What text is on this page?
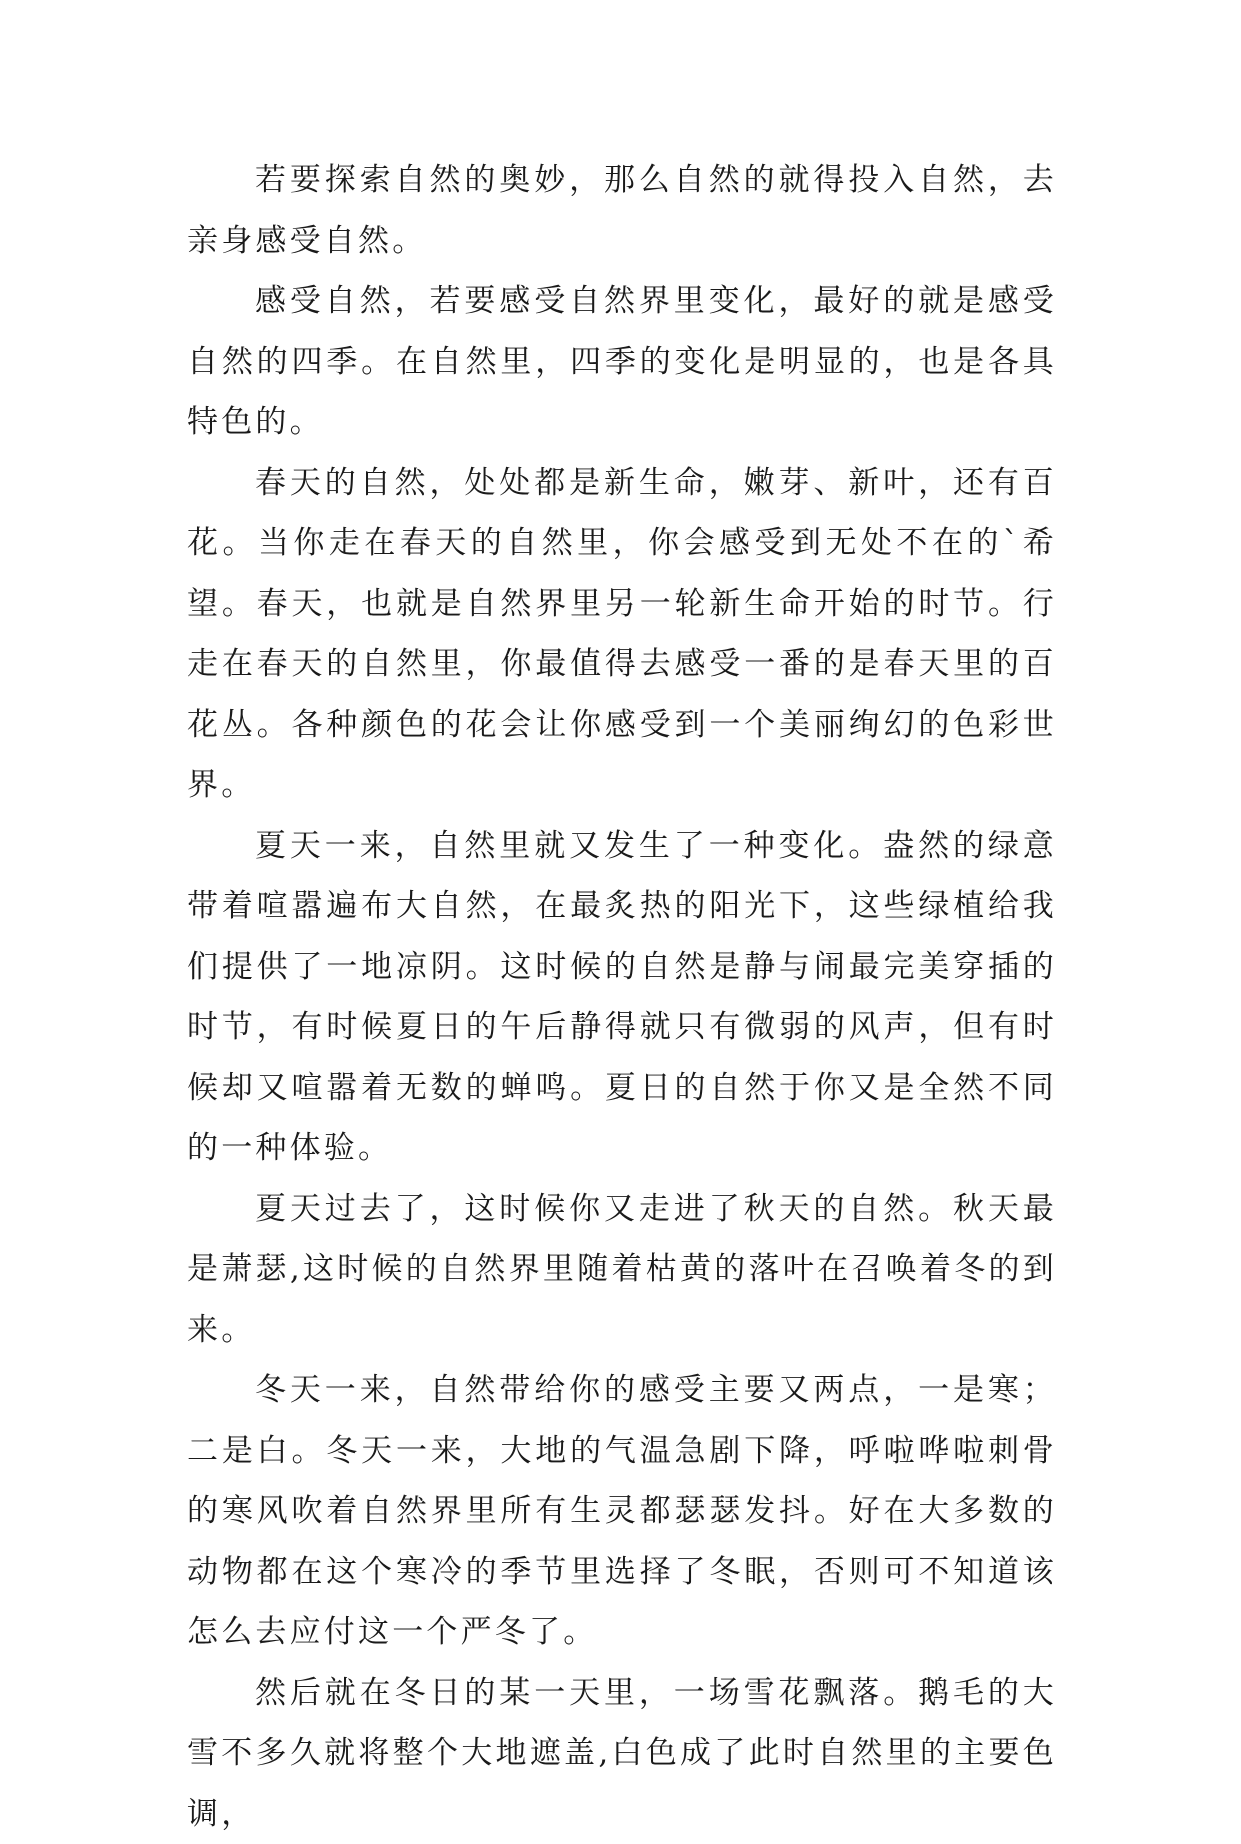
若要探索自然的奥妙，那么自然的就得投入自然，去亲身感受自然。

感受自然，若要感受自然界里变化，最好的就是感受自然的四季。在自然里，四季的变化是明显的，也是各具特色的。

春天的自然，处处都是新生命，嫩芽、新叶，还有百花。当你走在春天的自然里，你会感受到无处不在的`希望。春天，也就是自然界里另一轮新生命开始的时节。行走在春天的自然里，你最值得去感受一番的是春天里的百花丛。各种颜色的花会让你感受到一个美丽绚幻的色彩世界。

夏天一来，自然里就又发生了一种变化。盎然的绿意带着喧嚣遍布大自然，在最炙热的阳光下，这些绿植给我们提供了一地凉阴。这时候的自然是静与闹最完美穿插的时节，有时候夏日的午后静得就只有微弱的风声，但有时候却又喧嚣着无数的蝉鸣。夏日的自然于你又是全然不同的一种体验。

夏天过去了，这时候你又走进了秋天的自然。秋天最是萧瑟,这时候的自然界里随着枯黄的落叶在召唤着冬的到来。

冬天一来，自然带给你的感受主要又两点，一是寒；二是白。冬天一来，大地的气温急剧下降，呼啦哗啦刺骨的寒风吹着自然界里所有生灵都瑟瑟发抖。好在大多数的动物都在这个寒冷的季节里选择了冬眠，否则可不知道该怎么去应付这一个严冬了。

然后就在冬日的某一天里，一场雪花飘落。鹅毛的大雪不多久就将整个大地遮盖,白色成了此时自然里的主要色调，
